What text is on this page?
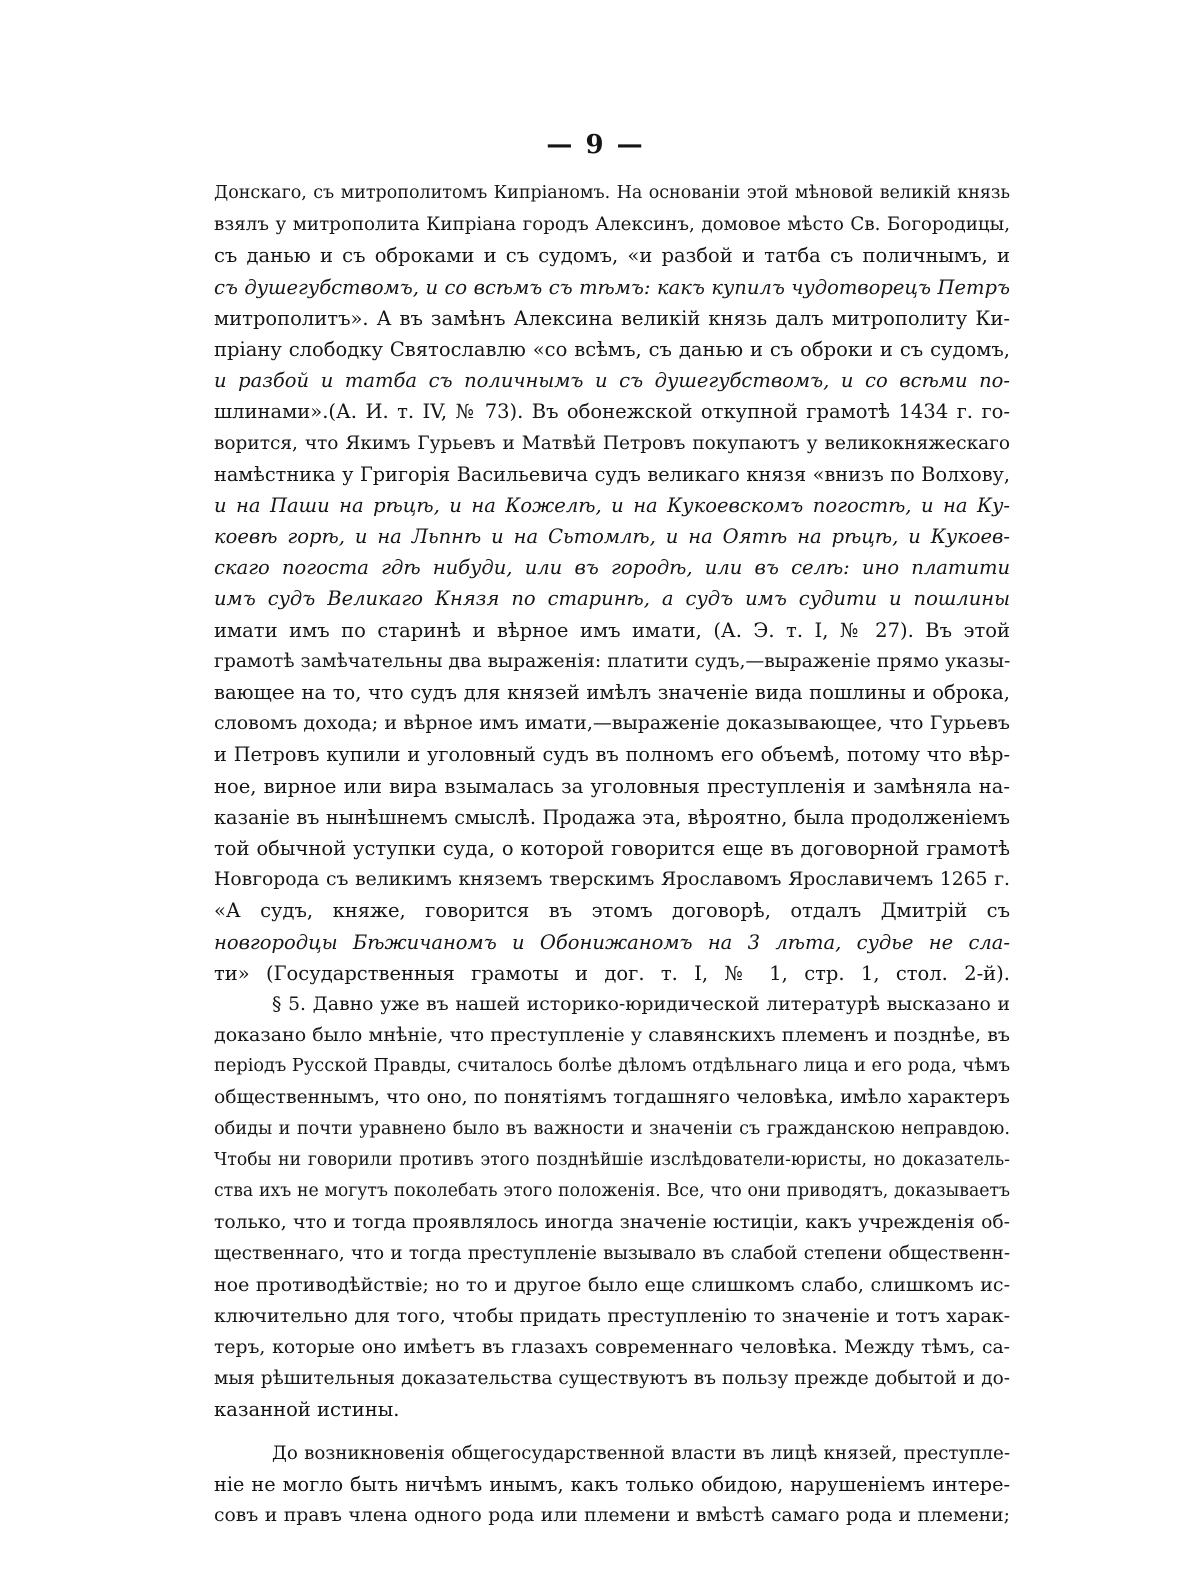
— 9 —
Донскаго, съ митрополитомъ Кипріаномъ. На основаніи этой мѣновой великій князь
взялъ у митрополита Кипріана городъ Алексинъ, домовое мѣсто Св. Богородицы,
съ данью и съ оброками и съ судомъ, «и разбой и татба съ поличнымъ, и
съ душегубствомъ, и со всѣмъ съ тѣмъ: какъ купилъ чудотворецъ Петръ
митрополитъ». А въ замѣнъ Алексина великій князь далъ митрополиту Ки-
пріану слободку Святославлю «со всѣмъ, съ данью и съ оброки и съ судомъ,
и разбой и татба съ поличнымъ и съ душегубствомъ, и со всѣми по-
шлинами».(А. И. т. IV, № 73). Въ обонежской откупной грамотѣ 1434 г. го-
ворится, что Якимъ Гурьевъ и Матвѣй Петровъ покупаютъ у великокняжескаго
намѣстника у Григорія Васильевича судъ великаго князя «внизъ по Волхову,
и на Паши на рѣцѣ, и на Кожелѣ, и на Кукоевскомъ погостѣ, и на Ку-
коевѣ горѣ, и на Льпнѣ и на Сьтомлѣ, и на Оятѣ на рѣцѣ, и Кукоев-
скаго погоста гдѣ нибуди, или въ городѣ, или въ селѣ: ино платити
имъ судъ Великаго Князя по старинѣ, а судъ имъ судити и пошлины
имати имъ по старинѣ и вѣрное имъ имати, (А. Э. т. I, № 27). Въ этой
грамотѣ замѣчательны два выраженія: платити судъ,—выраженіе прямо указы-
вающее на то, что судъ для князей имѣлъ значеніе вида пошлины и оброка,
словомъ дохода; и вѣрное имъ имати,—выраженіе доказывающее, что Гурьевъ
и Петровъ купили и уголовный судъ въ полномъ его объемѣ, потому что вѣр-
ное, вирное или вира взымалась за уголовныя преступленія и замѣняла на-
казаніе въ нынѣшнемъ смыслѣ. Продажа эта, вѣроятно, была продолженіемъ
той обычной уступки суда, о которой говорится еще въ договорной грамотѣ
Новгорода съ великимъ княземъ тверскимъ Ярославомъ Ярославичемъ 1265 г.
«А судъ, княже, говорится въ этомъ договорѣ, отдалъ Дмитрій съ
новгородцы Бѣжичаномъ и Обонижаномъ на 3 лѣта, судье не сла-
ти» (Государственныя грамоты и дог. т. I, № 1, стр. 1, стол. 2-й).
§ 5. Давно уже въ нашей историко-юридической литературѣ высказано и
доказано было мнѣніе, что преступленіе у славянскихъ племенъ и позднѣе, въ
періодъ Русской Правды, считалось болѣе дѣломъ отдѣльнаго лица и его рода, чѣмъ
общественнымъ, что оно, по понятіямъ тогдашняго человѣка, имѣло характеръ
обиды и почти уравнено было въ важности и значеніи съ гражданскою неправдою.
Чтобы ни говорили противъ этого позднѣйшіе изслѣдователи-юристы, но доказатель-
ства ихъ не могутъ поколебать этого положенія. Все, что они приводятъ, доказываетъ
только, что и тогда проявлялось иногда значеніе юстиціи, какъ учрежденія об-
щественнаго, что и тогда преступленіе вызывало въ слабой степени общественн-
ное противодѣйствіе; но то и другое было еще слишкомъ слабо, слишкомъ ис-
ключительно для того, чтобы придать преступленію то значеніе и тотъ харак-
теръ, которые оно имѣетъ въ глазахъ современнаго человѣка. Между тѣмъ, са-
мыя рѣшительныя доказательства существуютъ въ пользу прежде добытой и до-
казанной истины.
До возникновенія общегосударственной власти въ лицѣ князей, преступле-
ніе не могло быть ничѣмъ инымъ, какъ только обидою, нарушеніемъ интере-
совъ и правъ члена одного рода или племени и вмѣстѣ самаго рода и племени;
